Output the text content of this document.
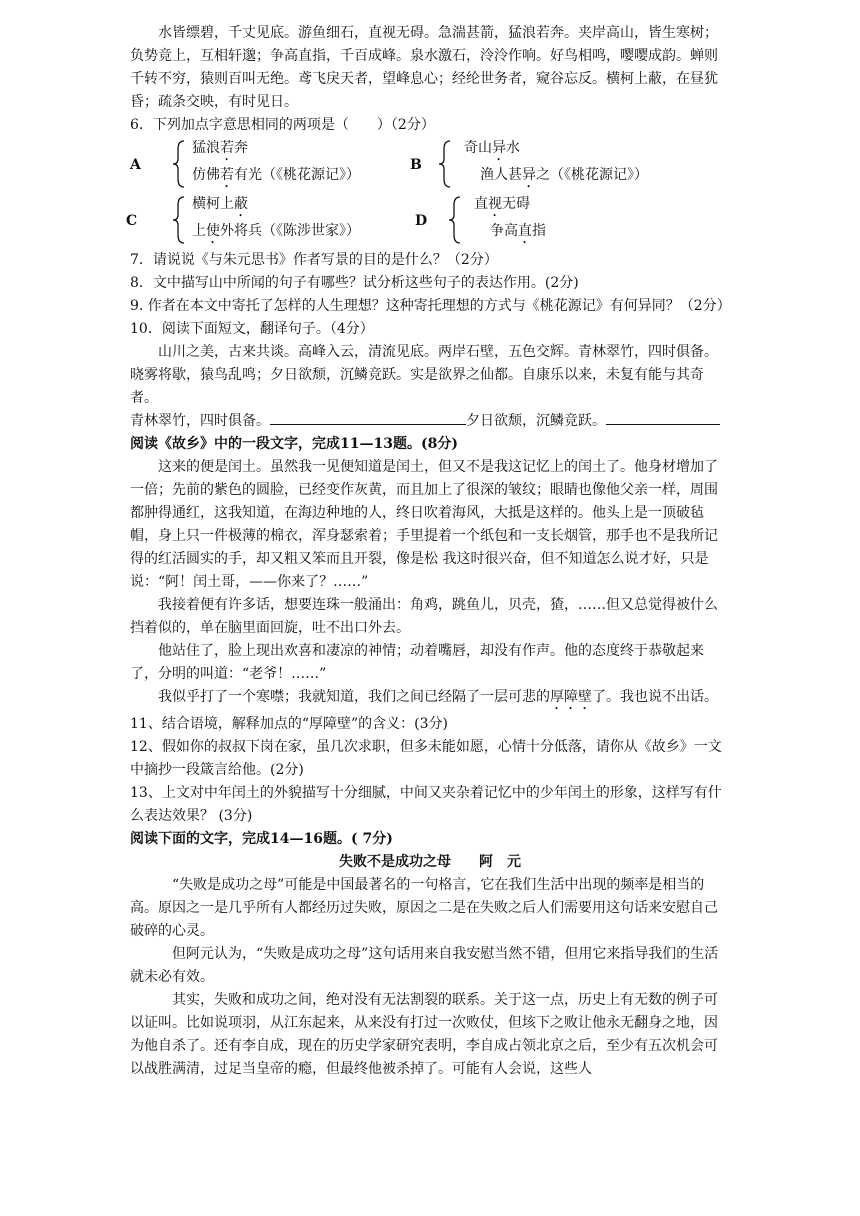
水皆缥碧，千丈见底。游鱼细石，直视无碍。急湍甚箭，猛浪若奔。夹岸高山，皆生寒树；负势竞上，互相轩邈；争高直指，千百成峰。泉水激石，泠泠作响。好鸟相鸣，嘤嘤成韵。蝉则千转不穷，猿则百叫无绝。鸢飞戾天者，望峰息心；经纶世务者，窥谷忘反。横柯上蔽，在昼犹昏；疏条交映，有时见日。

6．下列加点字意思相同的两项是（　　）（2分）

A
猛浪若奔
仿佛若有光（《桃花源记》）
B
奇山异水
渔人甚异之（《桃花源记》）
C
横柯上蔽
上使外将兵（《陈涉世家》）
D
直视无碍
争高直指

7．请说说《与朱元思书》作者写景的目的是什么？（2分）

8．文中描写山中所闻的句子有哪些？试分析这些句子的表达作用。(2分)

9. 作者在本文中寄托了怎样的人生理想？这种寄托理想的方式与《桃花源记》有何异同？（2分）

10．阅读下面短文，翻译句子。（4分）

山川之美，古来共谈。高峰入云，清流见底。两岸石壁，五色交辉。青林翠竹，四时俱备。晓雾将歇，猿鸟乱鸣；夕日欲颓，沉鳞竞跃。实是欲界之仙都。自康乐以来，未复有能与其奇者。

青林翠竹，四时俱备。	夕日欲颓，沉鳞竞跃。

阅读《故乡》中的一段文字，完成11—13题。(8分)

这来的便是闰土。虽然我一见便知道是闰土，但又不是我这记忆上的闰土了。他身材增加了一倍；先前的紫色的圆脸，已经变作灰黄，而且加上了很深的皱纹；眼睛也像他父亲一样，周围都肿得通红，这我知道，在海边种地的人，终日吹着海风，大抵是这样的。他头上是一顶破毡帽，身上只一件极薄的棉衣，浑身瑟索着；手里提着一个纸包和一支长烟管，那手也不是我所记得的红活圆实的手，却又粗又笨而且开裂，像是松 我这时很兴奋，但不知道怎么说才好，只是说：“阿！闰土哥，——你来了？……”

我接着便有许多话，想要连珠一般涌出：角鸡，跳鱼儿，贝壳，猹，……但又总觉得被什么挡着似的，单在脑里面回旋，吐不出口外去。

他站住了，脸上现出欢喜和凄凉的神情；动着嘴唇，却没有作声。他的态度终于恭敬起来了，分明的叫道：“老爷！……”

我似乎打了一个寒噤；我就知道，我们之间已经隔了一层可悲的厚障壁了。我也说不出话。

11、结合语境，解释加点的“厚障壁”的含义：(3分)

12、假如你的叔叔下岗在家，虽几次求职，但多未能如愿，心情十分低落，请你从《故乡》一文中摘抄一段箴言给他。(2分)

13、上文对中年闰土的外貌描写十分细腻，中间又夹杂着记忆中的少年闰土的形象，这样写有什么表达效果？ (3分)

阅读下面的文字，完成14—16题。( 7分)

失败不是成功之母　　阿　元

“失败是成功之母”可能是中国最著名的一句格言，它在我们生活中出现的频率是相当的高。原因之一是几乎所有人都经历过失败，原因之二是在失败之后人们需要用这句话来安慰自己破碎的心灵。

但阿元认为，“失败是成功之母”这句话用来自我安慰当然不错，但用它来指导我们的生活就未必有效。

其实，失败和成功之间，绝对没有无法割裂的联系。关于这一点，历史上有无数的例子可以证叫。比如说项羽，从江东起来，从来没有打过一次败仗，但垓下之败让他永无翻身之地，因为他自杀了。还有李自成，现在的历史学家研究表明，李自成占领北京之后，至少有五次机会可以战胜满清，过足当皇帝的瘾，但最终他被杀掉了。可能有人会说，这些人
